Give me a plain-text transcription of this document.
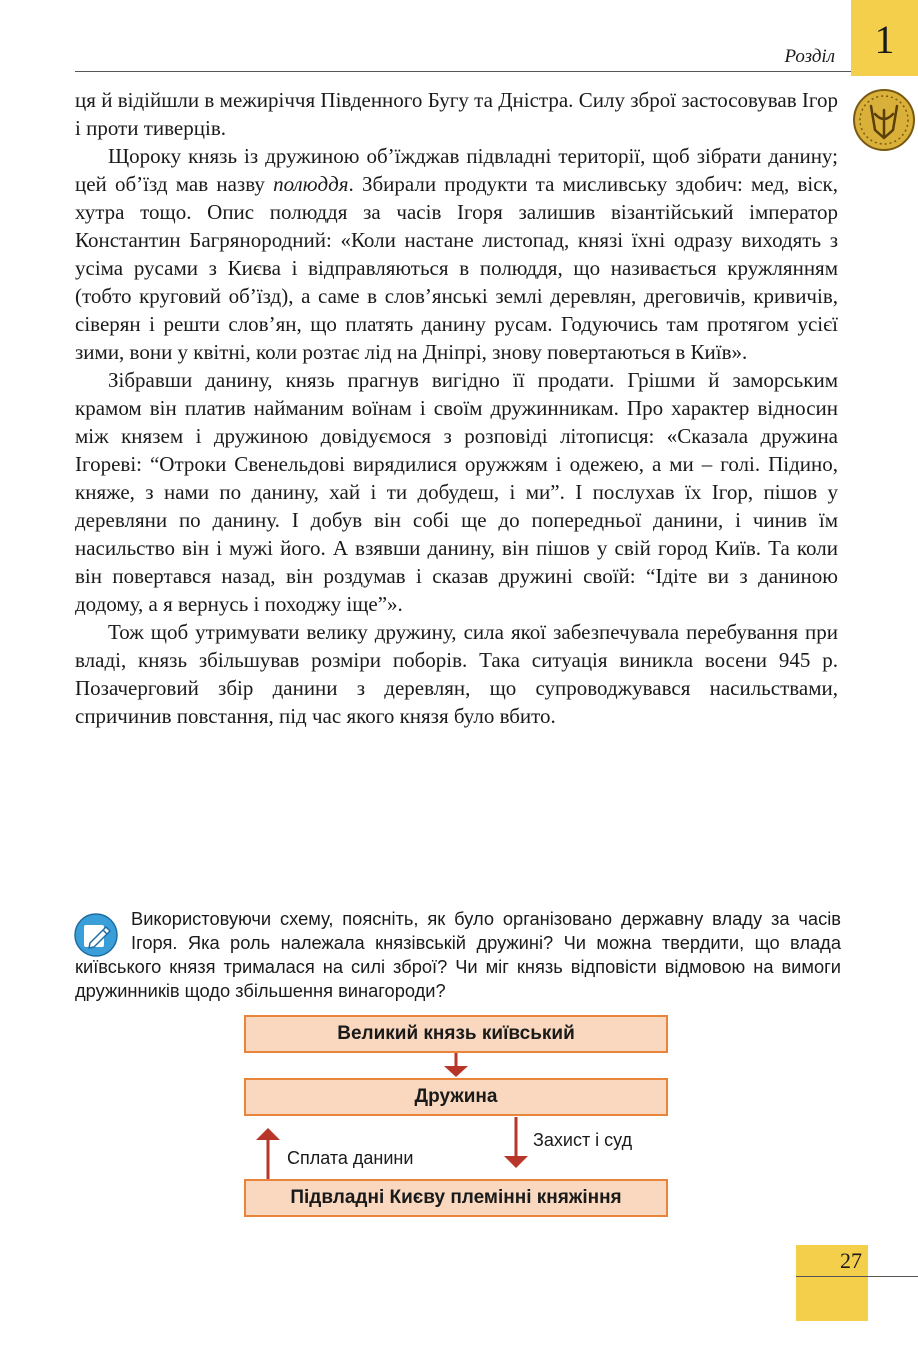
Розділ 1

ця й відійшли в межиріччя Південного Бугу та Дністра. Силу зброї застосовував Ігор і проти тиверців.

Щороку князь із дружиною об’їжджав підвладні території, щоб зібрати данину; цей об’їзд мав назву полюддя. Збирали продукти та мисливську здобич: мед, віск, хутра тощо. Опис полюддя за часів Ігоря залишив візантійський імператор Константин Багрянородний: «Коли настане листопад, князі їхні одразу виходять з усіма русами з Києва і відправляються в полюддя, що називається кружлянням (тобто круговий об’їзд), а саме в слов’янські землі деревлян, дреговичів, кривичів, сіверян і решти слов’ян, що платять данину русам. Годуючись там протягом усієї зими, вони у квітні, коли розтає лід на Дніпрі, знову повертаються в Київ».

Зібравши данину, князь прагнув вигідно її продати. Грішми й заморським крамом він платив найманим воїнам і своїм дружинникам. Про характер відносин між князем і дружиною довідуємося з розповіді літописця: «Сказала дружина Ігореві: “Отроки Свенельдові вирядилися оружжям і одежею, а ми – голі. Підино, княже, з нами по данину, хай і ти добудеш, і ми”. І послухав їх Ігор, пішов у деревляни по данину. І добув він собі ще до попередньої данини, і чинив їм насильство він і мужі його. А взявши данину, він пішов у свій город Київ. Та коли він повертався назад, він роздумав і сказав дружині своїй: “Ідіте ви з даниною додому, а я вернусь і походжу іще”».

Тож щоб утримувати велику дружину, сила якої забезпечувала перебування при владі, князь збільшував розміри поборів. Така ситуація виникла восени 945 р. Позачерговий збір данини з деревлян, що супроводжувався насильствами, спричинив повстання, під час якого князя було вбито.

Використовуючи схему, поясніть, як було організовано державну владу за часів Ігоря. Яка роль належала князівській дружині? Чи можна твердити, що влада київського князя трималася на силі зброї? Чи міг князь відповісти відмовою на вимоги дружинників щодо збільшення винагороди?
Великий князь київський
Дружина
Підвладні Києву племінні княжіння
Сплата данини
Захист і суд
27
